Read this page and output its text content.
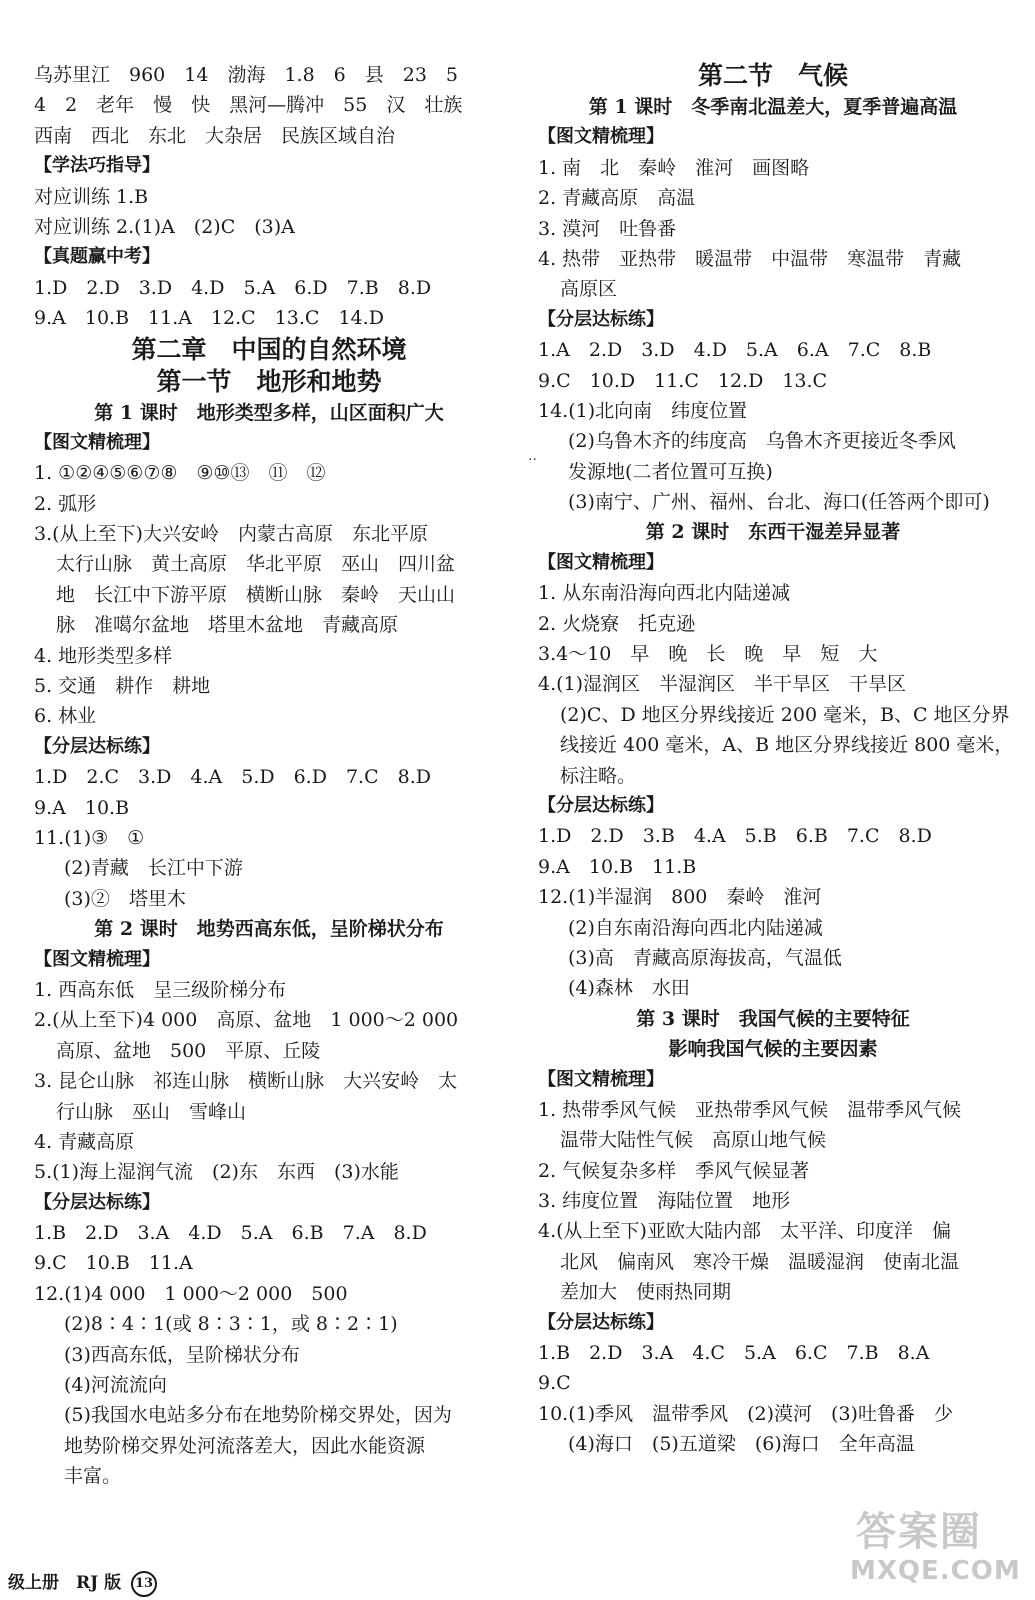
乌苏里江　960　14　渤海　1.8　6　县　23　5
4　2　老年　慢　快　黑河—腾冲　55　汉　壮族
西南　西北　东北　大杂居　民族区域自治
【学法巧指导】
对应训练 1.B
对应训练 2.(1)A　(2)C　(3)A
【真题赢中考】
1.D　2.D　3.D　4.D　5.A　6.D　7.B　8.D
9.A　10.B　11.A　12.C　13.C　14.D
第二章　中国的自然环境
第一节　地形和地势
第 1 课时　地形类型多样，山区面积广大
【图文精梳理】
1. ①②④⑤⑥⑦⑧　⑨⑩⑬　⑪　⑫
2. 弧形
3.(从上至下)大兴安岭　内蒙古高原　东北平原
太行山脉　黄土高原　华北平原　巫山　四川盆
地　长江中下游平原　横断山脉　秦岭　天山山
脉　准噶尔盆地　塔里木盆地　青藏高原
4. 地形类型多样
5. 交通　耕作　耕地
6. 林业
【分层达标练】
1.D　2.C　3.D　4.A　5.D　6.D　7.C　8.D
9.A　10.B
11.(1)③　①
(2)青藏　长江中下游
(3)②　塔里木
第 2 课时　地势西高东低，呈阶梯状分布
【图文精梳理】
1. 西高东低　呈三级阶梯分布
2.(从上至下)4 000　高原、盆地　1 000～2 000
高原、盆地　500　平原、丘陵
3. 昆仑山脉　祁连山脉　横断山脉　大兴安岭　太
行山脉　巫山　雪峰山
4. 青藏高原
5.(1)海上湿润气流　(2)东　东西　(3)水能
【分层达标练】
1.B　2.D　3.A　4.D　5.A　6.B　7.A　8.D
9.C　10.B　11.A
12.(1)4 000　1 000～2 000　500
(2)8∶4∶1(或 8∶3∶1，或 8∶2∶1)
(3)西高东低，呈阶梯状分布
(4)河流流向
(5)我国水电站多分布在地势阶梯交界处，因为
地势阶梯交界处河流落差大，因此水能资源
丰富。
第二节　气候
第 1 课时　冬季南北温差大，夏季普遍高温
【图文精梳理】
1. 南　北　秦岭　淮河　画图略
2. 青藏高原　高温
3. 漠河　吐鲁番
4. 热带　亚热带　暖温带　中温带　寒温带　青藏
高原区
【分层达标练】
1.A　2.D　3.D　4.D　5.A　6.A　7.C　8.B
9.C　10.D　11.C　12.D　13.C
14.(1)北向南　纬度位置
(2)乌鲁木齐的纬度高　乌鲁木齐更接近冬季风
发源地(二者位置可互换)
(3)南宁、广州、福州、台北、海口(任答两个即可)
第 2 课时　东西干湿差异显著
【图文精梳理】
1. 从东南沿海向西北内陆递减
2. 火烧寮　托克逊
3.4～10　早　晚　长　晚　早　短　大
4.(1)湿润区　半湿润区　半干旱区　干旱区
(2)C、D 地区分界线接近 200 毫米，B、C 地区分界
线接近 400 毫米，A、B 地区分界线接近 800 毫米，
标注略。
【分层达标练】
1.D　2.D　3.B　4.A　5.B　6.B　7.C　8.D
9.A　10.B　11.B
12.(1)半湿润　800　秦岭　淮河
(2)自东南沿海向西北内陆递减
(3)高　青藏高原海拔高，气温低
(4)森林　水田
第 3 课时　我国气候的主要特征
影响我国气候的主要因素
【图文精梳理】
1. 热带季风气候　亚热带季风气候　温带季风气候
温带大陆性气候　高原山地气候
2. 气候复杂多样　季风气候显著
3. 纬度位置　海陆位置　地形
4.(从上至下)亚欧大陆内部　太平洋、印度洋　偏
北风　偏南风　寒冷干燥　温暖湿润　使南北温
差加大　使雨热同期
【分层达标练】
1.B　2.D　3.A　4.C　5.A　6.C　7.B　8.A
9.C
10.(1)季风　温带季风　(2)漠河　(3)吐鲁番　少
(4)海口　(5)五道梁　(6)海口　全年高温
··
级上册　RJ 版 13
答案圈
MXQE.COM
